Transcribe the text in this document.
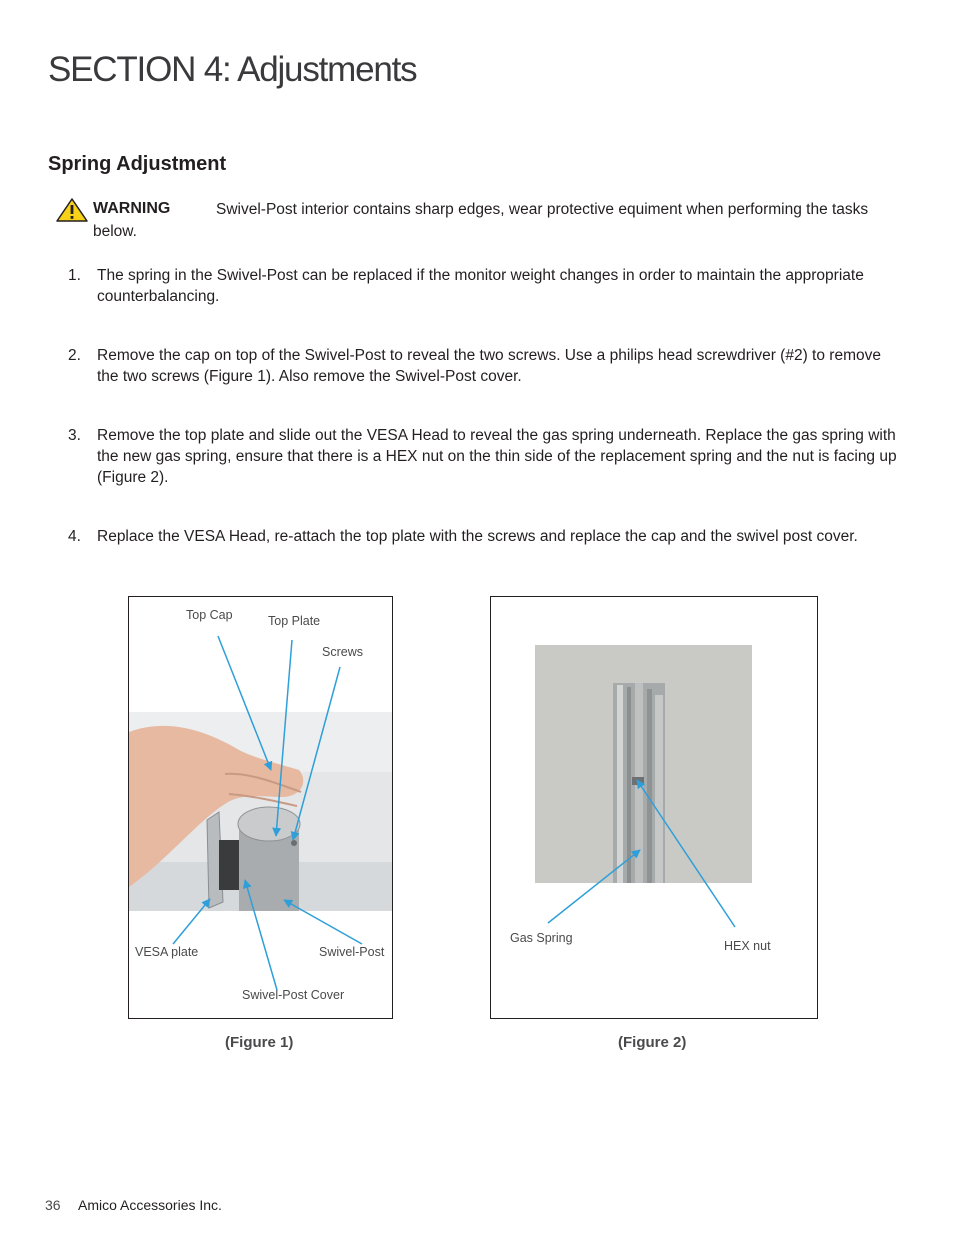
SECTION 4: Adjustments
Spring Adjustment
WARNING	Swivel-Post interior contains sharp edges, wear protective equiment when performing the tasks
below.
1. The spring in the Swivel-Post can be replaced if the monitor weight changes in order to maintain the appropriate counterbalancing.
2. Remove the cap on top of the Swivel-Post to reveal the two screws. Use a philips head screwdriver (#2) to remove the two screws (Figure 1). Also remove the Swivel-Post cover.
3. Remove the top plate and slide out the VESA Head to reveal the gas spring underneath. Replace the gas spring with the new gas spring, ensure that there is a HEX nut on the thin side of the replacement spring and the nut is facing up (Figure 2).
4. Replace the VESA Head, re-attach the top plate with the screws and replace the cap and the swivel post cover.
Top Cap	Top Plate
Screws
VESA plate	Swivel-Post
Swivel-Post Cover
(Figure 1)
Gas Spring
HEX nut
(Figure 2)
36 Amico Accessories Inc.
